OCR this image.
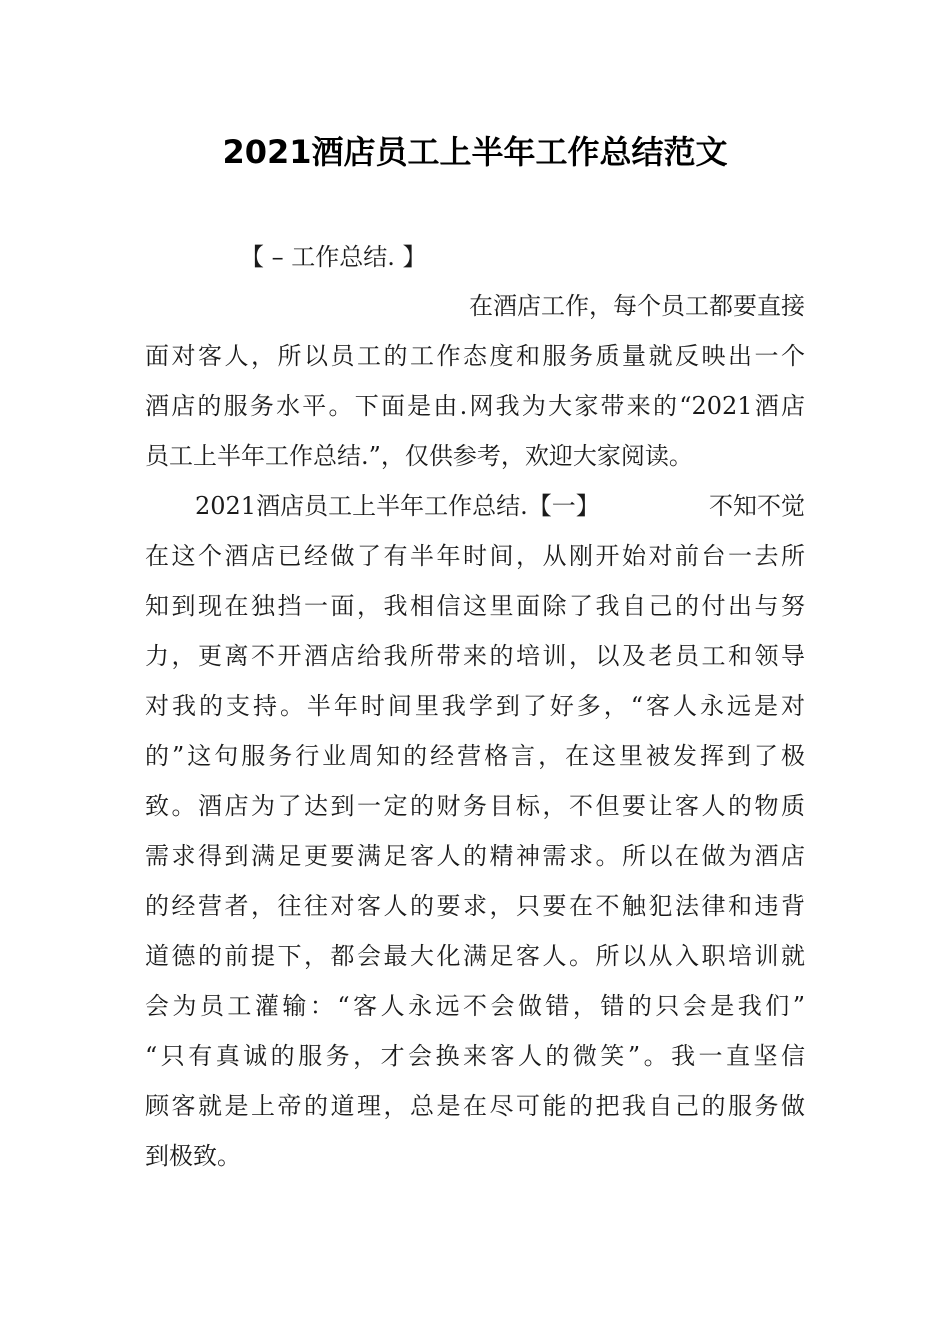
2021酒店员工上半年工作总结范文
【 – 工作总结. 】
在酒店工作，每个员工都要直接
面对客人，所以员工的工作态度和服务质量就反映出一个
酒店的服务水平。下面是由.网我为大家带来的“2021酒店
员工上半年工作总结.”，仅供参考，欢迎大家阅读。
2021酒店员工上半年工作总结.【一】	不知不觉
在这个酒店已经做了有半年时间，从刚开始对前台一去所
知到现在独挡一面，我相信这里面除了我自己的付出与努
力，更离不开酒店给我所带来的培训，以及老员工和领导
对我的支持。半年时间里我学到了好多，“客人永远是对
的”这句服务行业周知的经营格言，在这里被发挥到了极
致。酒店为了达到一定的财务目标，不但要让客人的物质
需求得到满足更要满足客人的精神需求。所以在做为酒店
的经营者，往往对客人的要求，只要在不触犯法律和违背
道德的前提下，都会最大化满足客人。所以从入职培训就
会为员工灌输：“客人永远不会做错，错的只会是我们”
“只有真诚的服务，才会换来客人的微笑”。我一直坚信
顾客就是上帝的道理，总是在尽可能的把我自己的服务做
到极致。
